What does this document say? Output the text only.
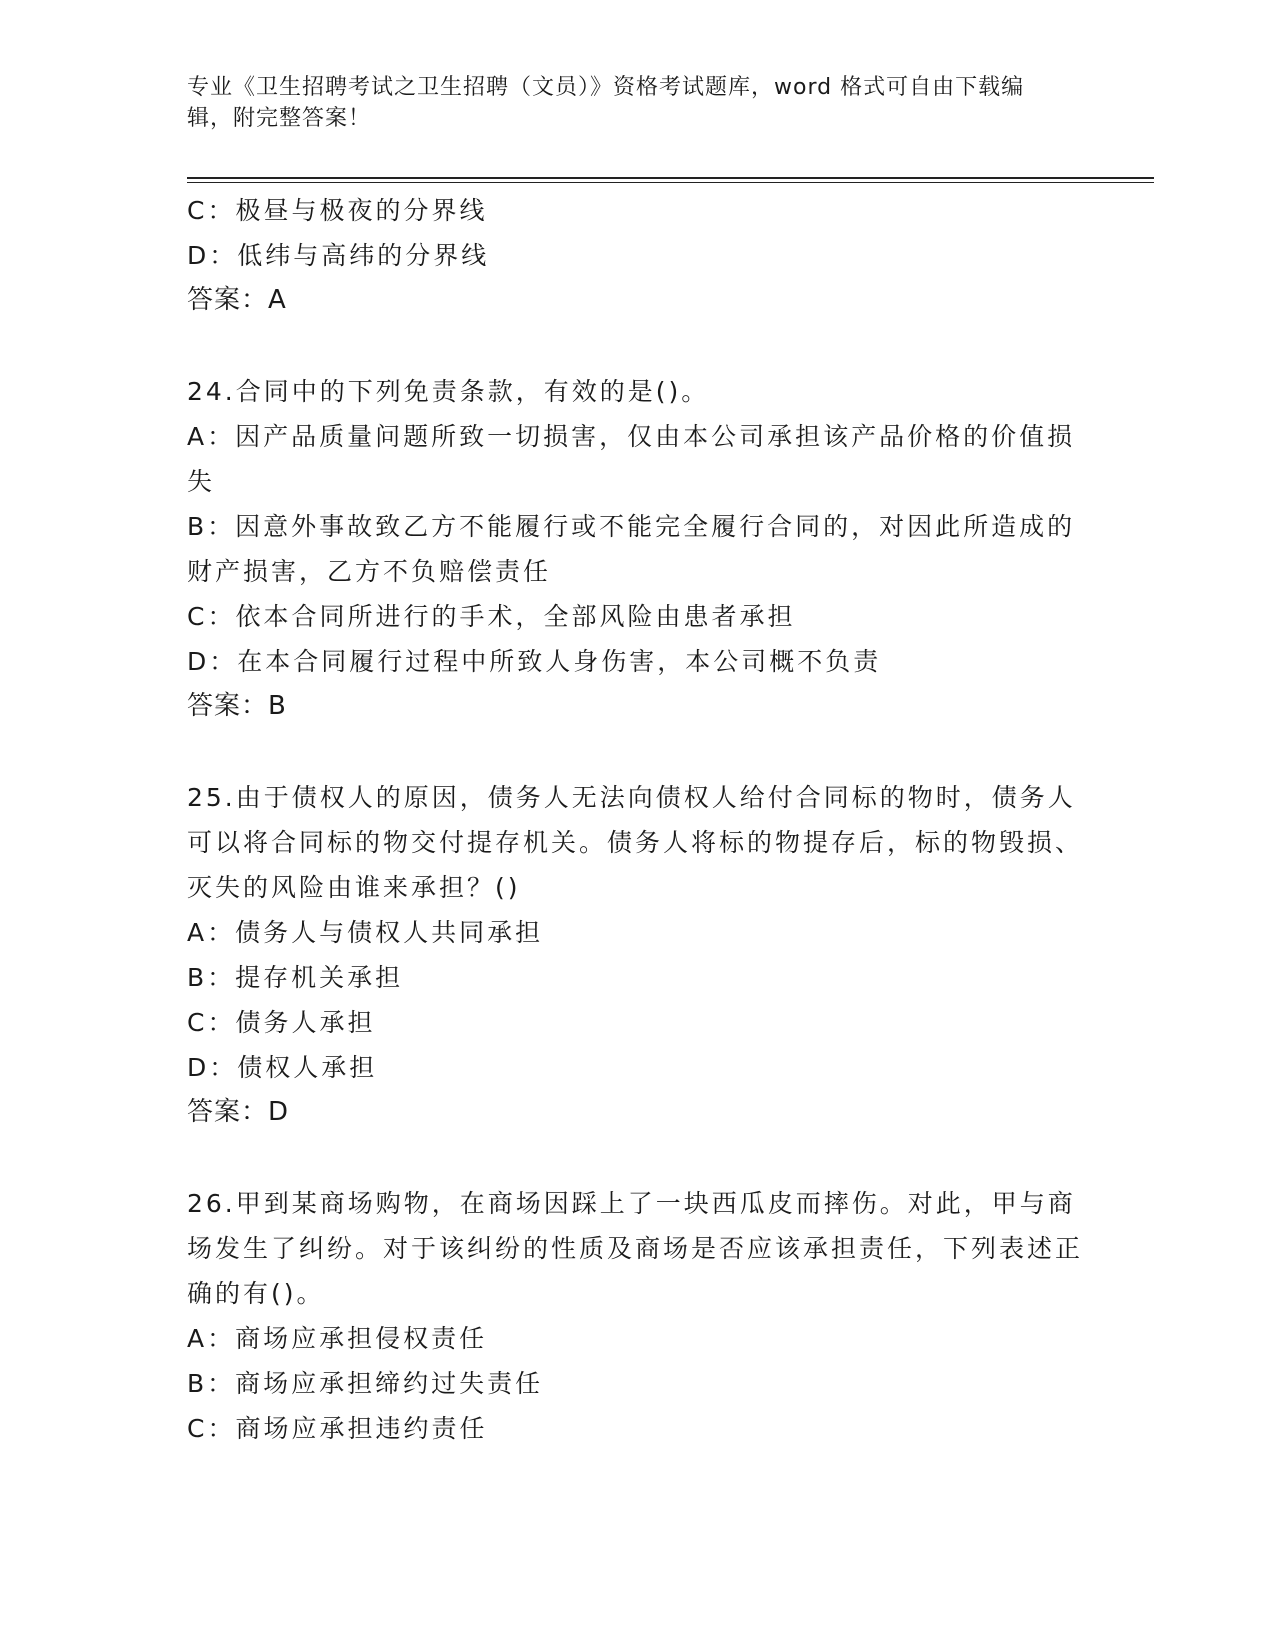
专业《卫生招聘考试之卫生招聘（文员）》资格考试题库，word 格式可自由下载编辑，附完整答案！
C：极昼与极夜的分界线
D：低纬与高纬的分界线
答案：A
24.合同中的下列免责条款，有效的是()。
A：因产品质量问题所致一切损害，仅由本公司承担该产品价格的价值损失
B：因意外事故致乙方不能履行或不能完全履行合同的，对因此所造成的财产损害，乙方不负赔偿责任
C：依本合同所进行的手术，全部风险由患者承担
D：在本合同履行过程中所致人身伤害，本公司概不负责
答案：B
25.由于债权人的原因，债务人无法向债权人给付合同标的物时，债务人可以将合同标的物交付提存机关。债务人将标的物提存后，标的物毁损、灭失的风险由谁来承担？()
A：债务人与债权人共同承担
B：提存机关承担
C：债务人承担
D：债权人承担
答案：D
26.甲到某商场购物，在商场因踩上了一块西瓜皮而摔伤。对此，甲与商场发生了纠纷。对于该纠纷的性质及商场是否应该承担责任，下列表述正确的有()。
A：商场应承担侵权责任
B：商场应承担缔约过失责任
C：商场应承担违约责任
